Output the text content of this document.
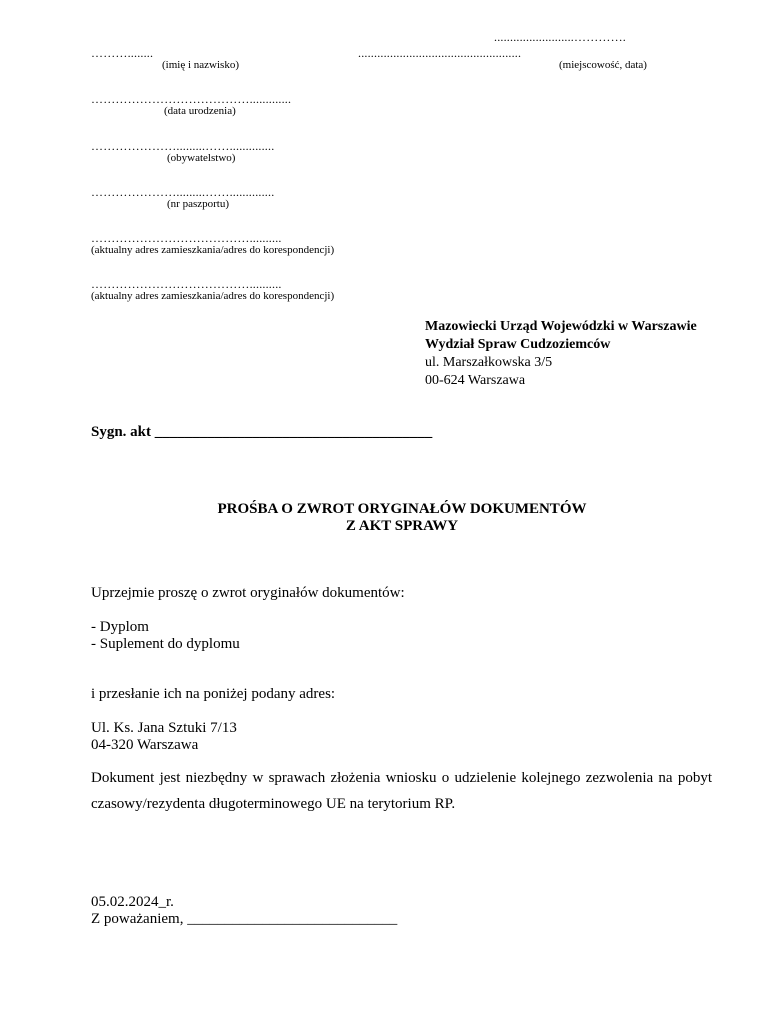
.........................………….
………........	...................................................
(imię i nazwisko)	(miejscowość, data)
………………………………….............
(data urodzenia)
………………….........……..............
(obywatelstwo)
………………….........……..............
(nr paszportu)
…………………………………..........
(aktualny adres zamieszkania/adres do korespondencji)
…………………………………..........
(aktualny adres zamieszkania/adres do korespondencji)
Mazowiecki Urząd Wojewódzki w Warszawie
Wydział Spraw Cudzoziemców
ul. Marszałkowska 3/5
00-624 Warszawa
Sygn. akt _____________________________________
PROŚBA O ZWROT ORYGINAŁÓW DOKUMENTÓW
Z AKT SPRAWY
Uprzejmie proszę o zwrot oryginałów dokumentów:
- Dyplom
- Suplement do dyplomu
i przesłanie ich na poniżej podany adres:
Ul. Ks. Jana Sztuki 7/13
04-320 Warszawa
Dokument jest niezbędny w sprawach złożenia wniosku o udzielenie kolejnego zezwolenia na pobyt czasowy/rezydenta długoterminowego UE na terytorium RP.
05.02.2024_r.
Z poważaniem, ____________________________
